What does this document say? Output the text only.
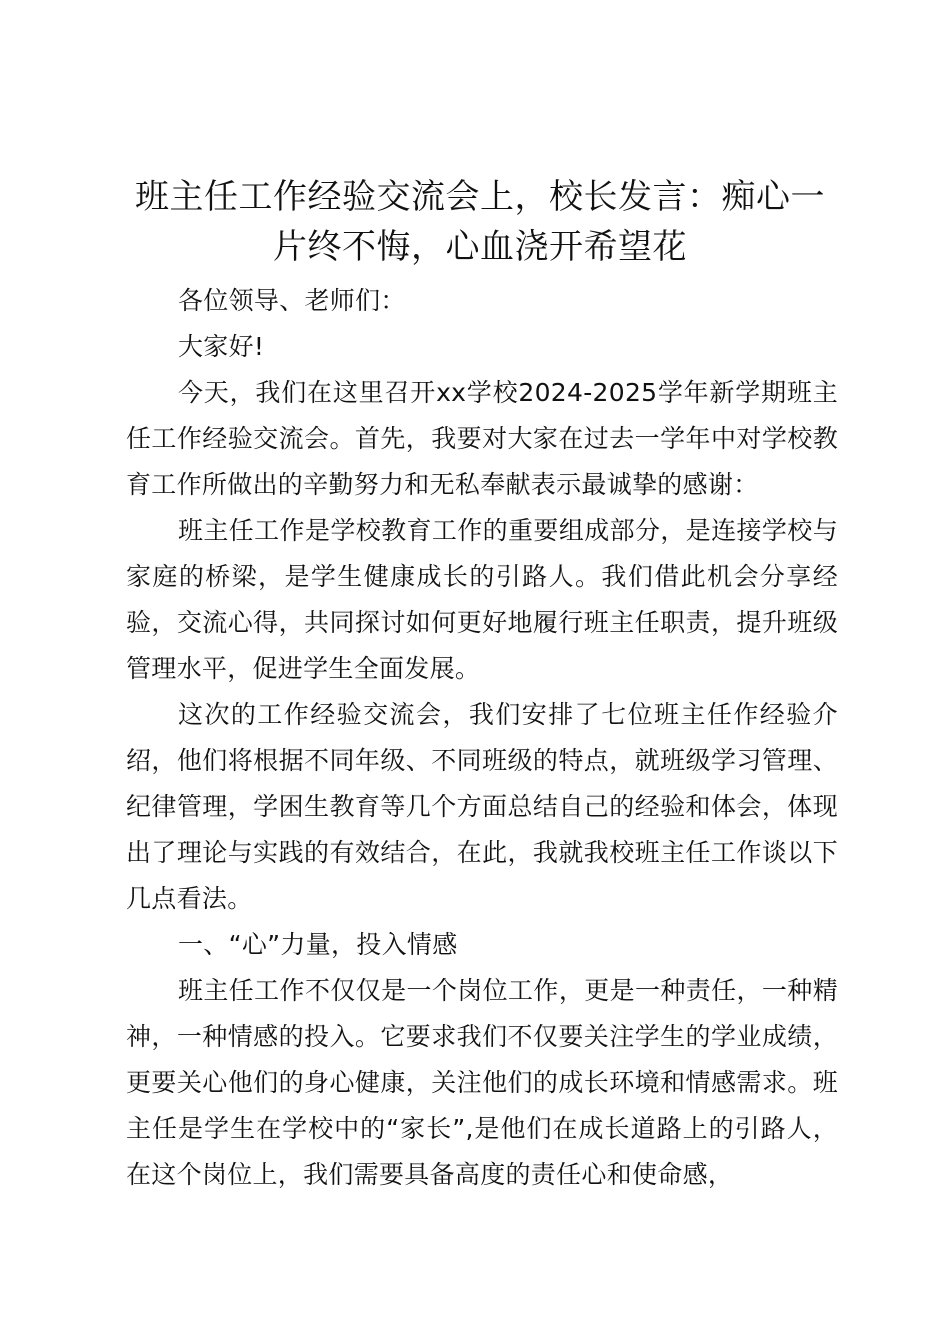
班主任工作经验交流会上，校长发言：痴心一片终不悔，心血浇开希望花

各位领导、老师们：

大家好!

今天，我们在这里召开xx学校2024-2025学年新学期班主任工作经验交流会。首先，我要对大家在过去一学年中对学校教育工作所做出的辛勤努力和无私奉献表示最诚挚的感谢：

班主任工作是学校教育工作的重要组成部分，是连接学校与家庭的桥梁，是学生健康成长的引路人。我们借此机会分享经验，交流心得，共同探讨如何更好地履行班主任职责，提升班级管理水平，促进学生全面发展。

这次的工作经验交流会，我们安排了七位班主任作经验介绍，他们将根据不同年级、不同班级的特点，就班级学习管理、纪律管理，学困生教育等几个方面总结自己的经验和体会，体现出了理论与实践的有效结合，在此，我就我校班主任工作谈以下几点看法。

一、“心”力量，投入情感

班主任工作不仅仅是一个岗位工作，更是一种责任，一种精神，一种情感的投入。它要求我们不仅要关注学生的学业成绩，更要关心他们的身心健康，关注他们的成长环境和情感需求。班主任是学生在学校中的“家长”,是他们在成长道路上的引路人，在这个岗位上，我们需要具备高度的责任心和使命感，
